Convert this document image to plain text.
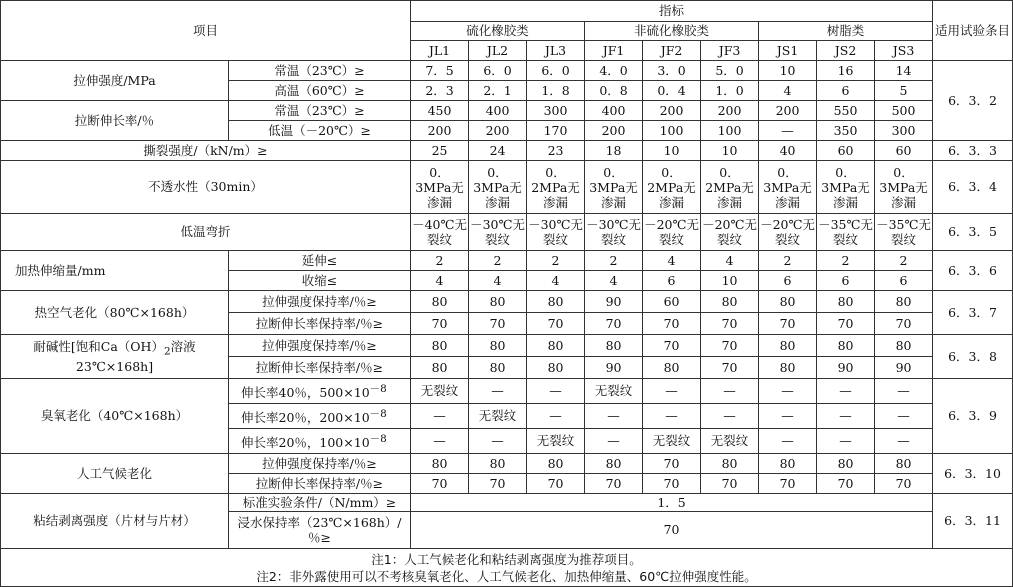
项目		指标									适用试验条目
		硫化橡胶类			非硫化橡胶类			树脂类			
		JL1	JL2	JL3	JF1	JF2	JF3	JS1	JS2	JS3	
拉伸强度/MPa	常温（23℃）≥	7．5	6．0	6．0	4．0	3．0	5．0	10	16	14	6．3．2
	高温（60℃）≥	2．3	2．1	1．8	0．8	0．4	1．0	4	6	5	
拉断伸长率/％	常温（23℃）≥	450	400	300	400	200	200	200	550	500	
	低温（－20℃）≥	200	200	170	200	100	100	—	350	300	
撕裂强度/（kN/m）≥		25	24	23	18	10	10	40	60	60	6．3．3
不透水性（30min）		0．3MPa无渗漏	0．3MPa无渗漏	0．2MPa无渗漏	0．3MPa无渗漏	0．2MPa无渗漏	0．2MPa无渗漏	0．3MPa无渗漏	0．3MPa无渗漏	0．3MPa无渗漏	6．3．4
低温弯折		－40℃无裂纹	－30℃无裂纹	－30℃无裂纹	－30℃无裂纹	－20℃无裂纹	－20℃无裂纹	－20℃无裂纹	－35℃无裂纹	－35℃无裂纹	6．3．5
加热伸缩量/mm	延伸≤	2	2	2	2	4	4	2	2	2	6．3．6
	收缩≤	4	4	4	4	6	10	6	6	6	
热空气老化（80℃×168h）	拉伸强度保持率/％≥	80	80	80	90	60	80	80	80	80	6．3．7
	拉断伸长率保持率/％≥	70	70	70	70	70	70	70	70	70	
耐碱性[饱和$Ca(OH)_2$溶液23℃×168h]	拉伸强度保持率/％≥	80	80	80	80	70	70	80	80	80	6．3．8
	拉断伸长率保持率/％≥	80	80	80	90	80	70	80	90	90	
臭氧老化（40℃×168h）	伸长率40％，$500\times 10^{-8}$	无裂纹	—	—	无裂纹	—	—	—	—	—	6．3．9
	伸长率20％，$200\times 10^{-8}$	—	无裂纹	—	—	—	—	—	—	—	
	伸长率20％，$100\times 10^{-8}$	—	—	无裂纹	—	无裂纹	无裂纹	—	—	—	
人工气候老化	拉伸强度保持率/％≥	80	80	80	80	70	80	80	80	80	6．3．10
	拉断伸长率保持率/％≥	70	70	70	70	70	70	70	70	70	
粘结剥离强度（片材与片材）	标准实验条件/（N/mm）≥	1．5									6．3．11
	浸水保持率（23℃×168h）/％≥	70									

注1：人工气候老化和粘结剥离强度为推荐项目。
注2：非外露使用可以不考核臭氧老化、人工气候老化、加热伸缩量、60℃拉伸强度性能。											
